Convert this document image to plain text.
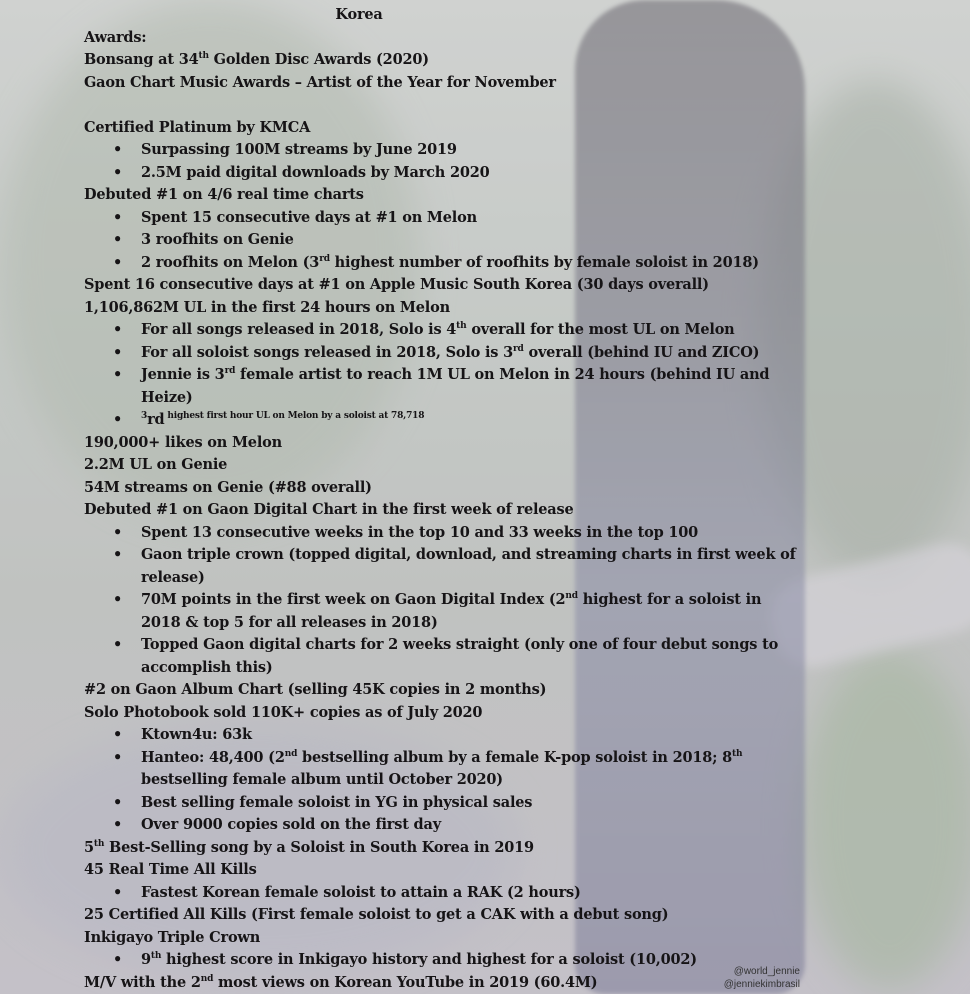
Korea
Awards:
Bonsang at 34th Golden Disc Awards (2020)
Gaon Chart Music Awards – Artist of the Year for November
Certified Platinum by KMCA
• Surpassing 100M streams by June 2019
• 2.5M paid digital downloads by March 2020
Debuted #1 on 4/6 real time charts
• Spent 15 consecutive days at #1 on Melon
• 3 roofhits on Genie
• 2 roofhits on Melon (3rd highest number of roofhits by female soloist in 2018)
Spent 16 consecutive days at #1 on Apple Music South Korea (30 days overall)
1,106,862M UL in the first 24 hours on Melon
• For all songs released in 2018, Solo is 4th overall for the most UL on Melon
• For all soloist songs released in 2018, Solo is 3rd overall (behind IU and ZICO)
• Jennie is 3rd female artist to reach 1M UL on Melon in 24 hours (behind IU and Heize)
• $^3$rd $^{highest first hour UL on Melon by a soloist at 78,718}$
190,000+ likes on Melon
2.2M UL on Genie
54M streams on Genie (#88 overall)
Debuted #1 on Gaon Digital Chart in the first week of release
• Spent 13 consecutive weeks in the top 10 and 33 weeks in the top 100
• Gaon triple crown (topped digital, download, and streaming charts in first week of release)
• 70M points in the first week on Gaon Digital Index (2nd highest for a soloist in 2018 & top 5 for all releases in 2018)
• Topped Gaon digital charts for 2 weeks straight (only one of four debut songs to accomplish this)
#2 on Gaon Album Chart (selling 45K copies in 2 months)
Solo Photobook sold 110K+ copies as of July 2020
• Ktown4u: 63k
• Hanteo: 48,400 (2nd bestselling album by a female K-pop soloist in 2018; 8th bestselling female album until October 2020)
• Best selling female soloist in YG in physical sales
• Over 9000 copies sold on the first day
5th Best-Selling song by a Soloist in South Korea in 2019
45 Real Time All Kills
• Fastest Korean female soloist to attain a RAK (2 hours)
25 Certified All Kills (First female soloist to get a CAK with a debut song)
Inkigayo Triple Crown
• 9th highest score in Inkigayo history and highest for a soloist (10,002)
M/V with the 2nd most views on Korean YouTube in 2019 (60.4M)
@world_jennie
@jenniekimbrasil
